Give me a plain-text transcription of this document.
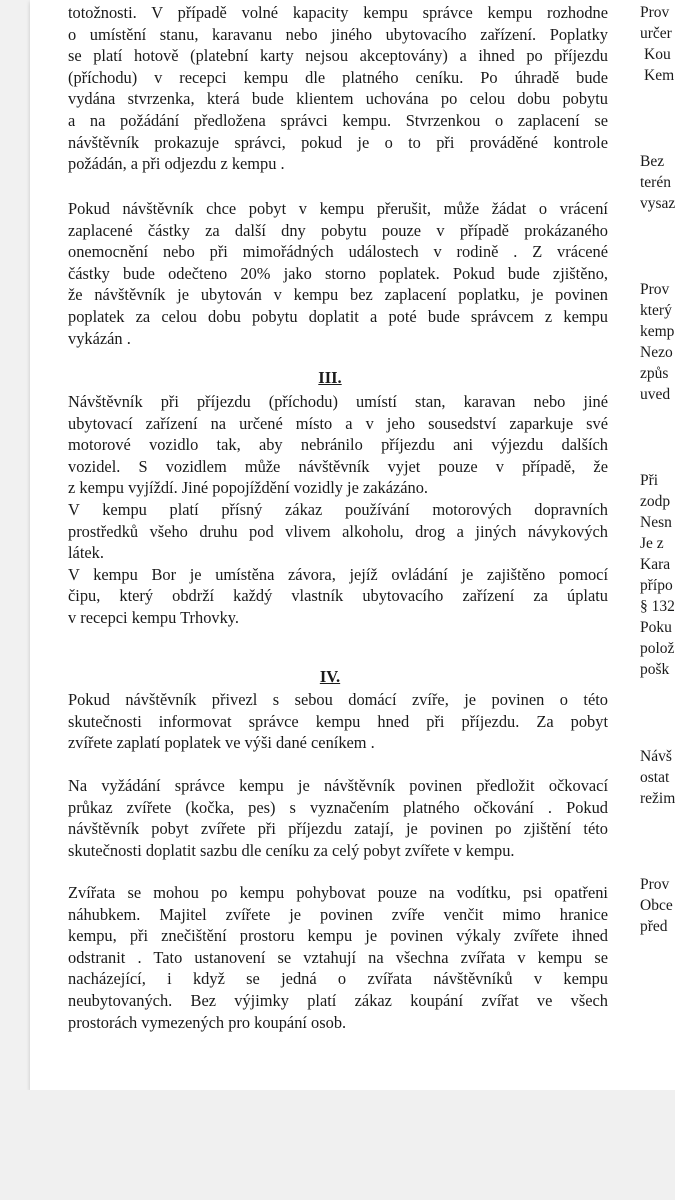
totožnosti. V případě volné kapacity kempu správce kempu rozhodne

o umístění stanu, karavanu nebo jiného ubytovacího zařízení. Poplatky

se platí hotově (platební karty nejsou akceptovány) a ihned po příjezdu

(příchodu) v recepci kempu dle platného ceníku. Po úhradě bude

vydána stvrzenka, která bude klientem uchována po celou dobu pobytu

a na požádání předložena správci kempu. Stvrzenkou o zaplacení se

návštěvník prokazuje správci, pokud je o to při prováděné kontrole

požádán, a při odjezdu z kempu .

Pokud návštěvník chce pobyt v kempu přerušit, může žádat o vrácení

zaplacené částky za další dny pobytu pouze v případě prokázaného

onemocnění nebo při mimořádných událostech v rodině . Z vrácené

částky bude odečteno 20% jako storno poplatek. Pokud bude zjištěno,

že návštěvník je ubytován v kempu bez zaplacení poplatku, je povinen

poplatek za celou dobu pobytu doplatit a poté bude správcem z kempu

vykázán .

III.

Návštěvník při příjezdu (příchodu) umístí stan, karavan nebo jiné

ubytovací zařízení na určené místo a v jeho sousedství zaparkuje své

motorové vozidlo tak, aby nebránilo příjezdu ani výjezdu dalších

vozidel. S vozidlem může návštěvník vyjet pouze v případě, že

z kempu vyjíždí. Jiné popojíždění vozidly je zakázáno.

V kempu platí přísný zákaz používání motorových dopravních

prostředků všeho druhu pod vlivem alkoholu, drog a jiných návykových

látek.

V kempu Bor je umístěna závora, jejíž ovládání je zajištěno pomocí

čipu, který obdrží každý vlastník ubytovacího zařízení za úplatu

v recepci kempu Trhovky.

IV.

Pokud návštěvník přivezl s sebou domácí zvíře, je povinen o této

skutečnosti informovat správce kempu hned při příjezdu. Za pobyt

zvířete zaplatí poplatek ve výši dané ceníkem .

Na vyžádání správce kempu je návštěvník povinen předložit očkovací

průkaz zvířete (kočka, pes) s vyznačením platného očkování . Pokud

návštěvník pobyt zvířete při příjezdu zatají, je povinen po zjištění této

skutečnosti doplatit sazbu dle ceníku za celý pobyt zvířete v kempu.

Zvířata se mohou po kempu pohybovat pouze na vodítku, psi opatřeni

náhubkem. Majitel zvířete je povinen zvíře venčit mimo hranice

kempu, při znečištění prostoru kempu je povinen výkaly zvířete ihned

odstranit . Tato ustanovení se vztahují na všechna zvířata v kempu se

nacházející, i když se jedná o zvířata návštěvníků v kempu

neubytovaných. Bez výjimky platí zákaz koupání zvířat ve všech

prostorách vymezených pro koupání osob.

Prov
určer
Kou
Kem
Bez
terén
vysaz
Prov
který
kemp
Nezo
způs
uved
Při
zodp
Nesn
Je z
Kara
přípo
§ 132
Poku
polož
pošk
Návš
ostat
režim
Prov
Obce
před
